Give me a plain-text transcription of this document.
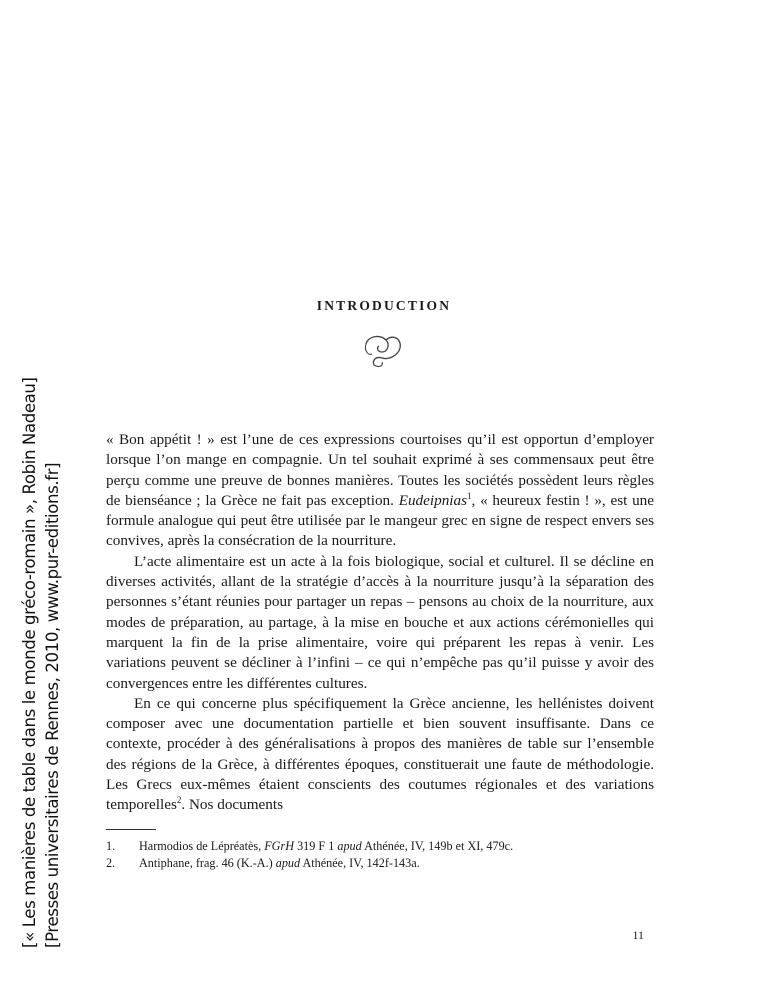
[« Les manières de table dans le monde gréco-romain », Robin Nadeau] [Presses universitaires de Rennes, 2010, www.pur-editions.fr]
INTRODUCTION

« Bon appétit ! » est l’une de ces expressions courtoises qu’il est opportun d’employer lorsque l’on mange en compagnie. Un tel souhait exprimé à ses commensaux peut être perçu comme une preuve de bonnes manières. Toutes les sociétés possèdent leurs règles de bienséance ; la Grèce ne fait pas exception. Eudeipnias$^1$, « heureux festin ! », est une formule analogue qui peut être utilisée par le mangeur grec en signe de respect envers ses convives, après la consécration de la nourriture.

L’acte alimentaire est un acte à la fois biologique, social et culturel. Il se décline en diverses activités, allant de la stratégie d’accès à la nourriture jusqu’à la séparation des personnes s’étant réunies pour partager un repas – pensons au choix de la nourriture, aux modes de préparation, au partage, à la mise en bouche et aux actions cérémonielles qui marquent la fin de la prise alimentaire, voire qui préparent les repas à venir. Les variations peuvent se décliner à l’infini – ce qui n’empêche pas qu’il puisse y avoir des convergences entre les différentes cultures.

En ce qui concerne plus spécifiquement la Grèce ancienne, les hellénistes doivent composer avec une documentation partielle et bien souvent insuffisante. Dans ce contexte, procéder à des généralisations à propos des manières de table sur l’ensemble des régions de la Grèce, à différentes époques, constituerait une faute de méthodologie. Les Grecs eux-mêmes étaient conscients des coutumes régionales et des variations temporelles$^2$. Nos documents

1.	Harmodios de Lépréatès, FGrH 319 F 1 apud Athénée, IV, 149b et XI, 479c.
2.	Antiphane, frag. 46 (K.-A.) apud Athénée, IV, 142f-143a.
11
